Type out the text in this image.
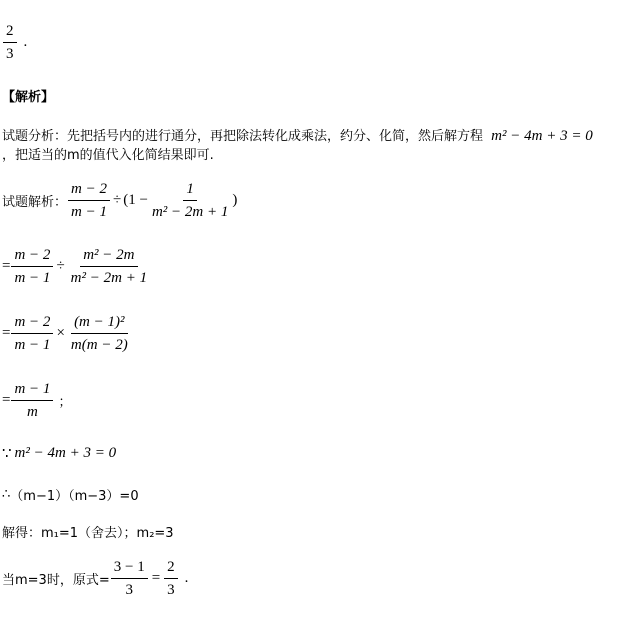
$\frac{2}{3}$ .
【解析】
试题分析：先把括号内的进行通分，再把除法转化成乘法，约分、化简，然后解方程 m² − 4m + 3 = 0
，把适当的m的值代入化简结果即可.
试题解析： $\frac{m - 2}{m - 1} \div (1 - \frac{1}{\text{m² − 2m + 1}}$ )
= $\frac{m - 2}{m - 1} \div \frac{\text{m² − 2m}}{\text{m² − 2m + 1}}$
= $\frac{m - 2}{m - 1} \times \frac{\text{(m − 1)²}}{m(m - 2)}$
= $\frac{m - 1}{m}$ ；
∵ m² − 4m + 3 = 0
∴ （m−1）（m−3）=0
解得：m₁=1（舍去）；m₂=3
当m=3时，原式= $\frac{3 - 1}{3} = \frac{2}{3}$ .
